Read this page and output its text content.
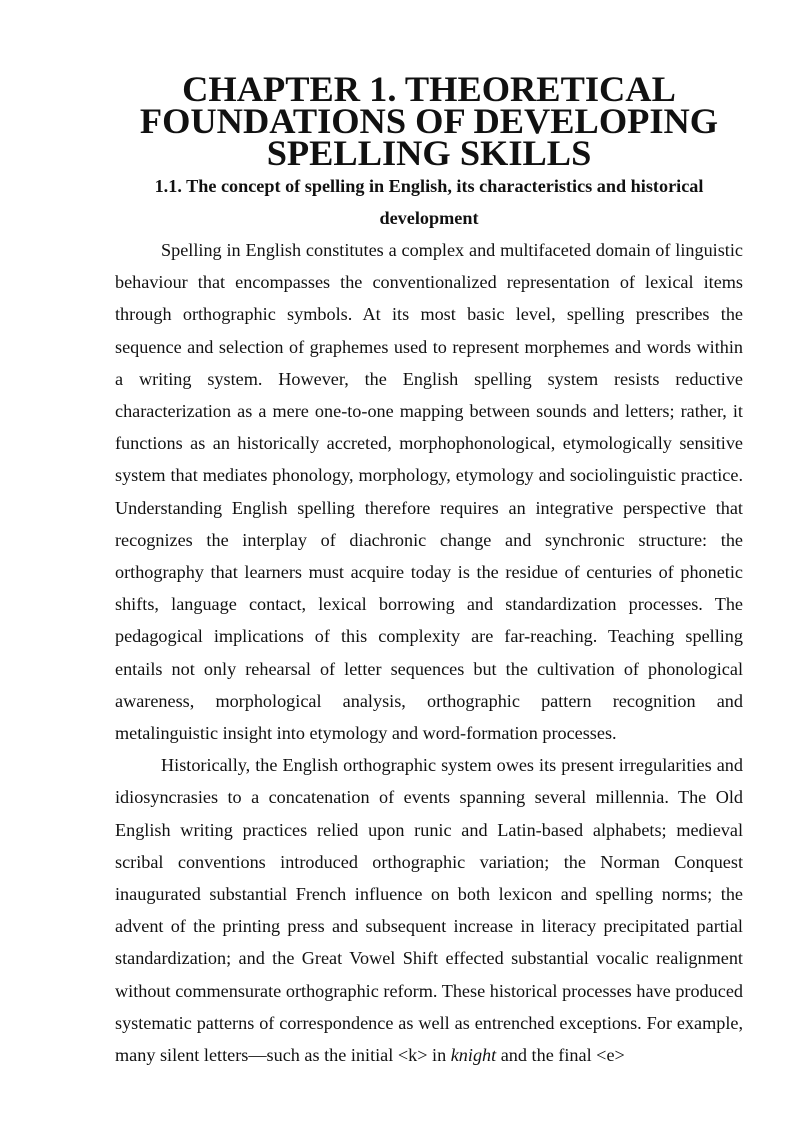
CHAPTER 1. THEORETICAL FOUNDATIONS OF DEVELOPING SPELLING SKILLS
1.1. The concept of spelling in English, its characteristics and historical development

Spelling in English constitutes a complex and multifaceted domain of linguistic behaviour that encompasses the conventionalized representation of lexical items through orthographic symbols. At its most basic level, spelling prescribes the sequence and selection of graphemes used to represent morphemes and words within a writing system. However, the English spelling system resists reductive characterization as a mere one-to-one mapping between sounds and letters; rather, it functions as an historically accreted, morphophonological, etymologically sensitive system that mediates phonology, morphology, etymology and sociolinguistic practice. Understanding English spelling therefore requires an integrative perspective that recognizes the interplay of diachronic change and synchronic structure: the orthography that learners must acquire today is the residue of centuries of phonetic shifts, language contact, lexical borrowing and standardization processes. The pedagogical implications of this complexity are far-reaching. Teaching spelling entails not only rehearsal of letter sequences but the cultivation of phonological awareness, morphological analysis, orthographic pattern recognition and metalinguistic insight into etymology and word-formation processes.

Historically, the English orthographic system owes its present irregularities and idiosyncrasies to a concatenation of events spanning several millennia. The Old English writing practices relied upon runic and Latin-based alphabets; medieval scribal conventions introduced orthographic variation; the Norman Conquest inaugurated substantial French influence on both lexicon and spelling norms; the advent of the printing press and subsequent increase in literacy precipitated partial standardization; and the Great Vowel Shift effected substantial vocalic realignment without commensurate orthographic reform. These historical processes have produced systematic patterns of correspondence as well as entrenched exceptions. For example, many silent letters—such as the initial <k> in knight and the final <e>
